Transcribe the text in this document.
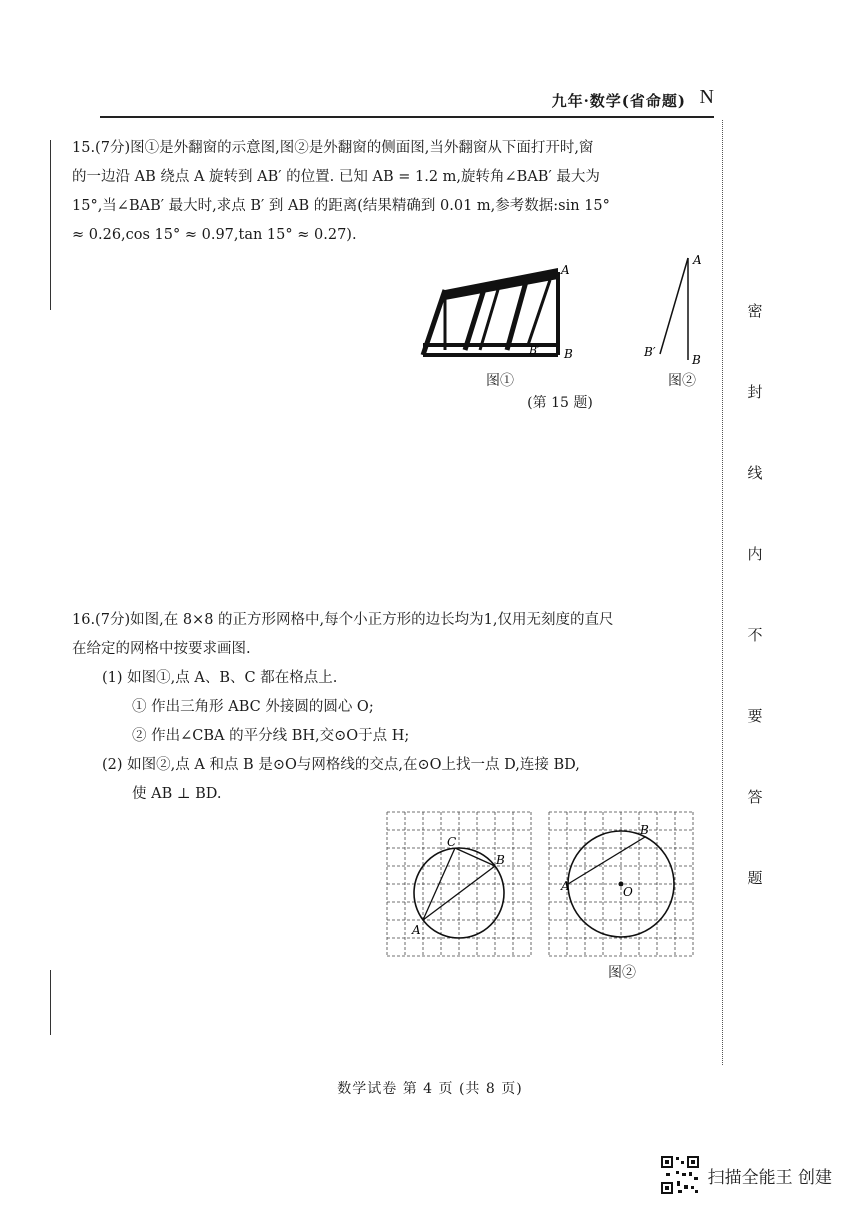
九年·数学(省命题) N
密
封
线
内
不
要
答
题

15.(7分)图①是外翻窗的示意图,图②是外翻窗的侧面图,当外翻窗从下面打开时,窗

的一边沿 AB 绕点 A 旋转到 AB′ 的位置. 已知 AB = 1.2 m,旋转角∠BAB′ 最大为

15°,当∠BAB′ 最大时,求点 B′ 到 AB 的距离(结果精确到 0.01 m,参考数据:sin 15°

≈ 0.26,cos 15° ≈ 0.97,tan 15° ≈ 0.27).

A
B′ B
图①
A
B′
B
图②
(第 15 题)

16.(7分)如图,在 8×8 的正方形网格中,每个小正方形的边长均为1,仅用无刻度的直尺

在给定的网格中按要求画图.

(1) 如图①,点 A、B、C 都在格点上.

① 作出三角形 ABC 外接圆的圆心 O;

② 作出∠CBA 的平分线 BH,交⊙O于点 H;

(2) 如图②,点 A 和点 B 是⊙O与网格线的交点,在⊙O上找一点 D,连接 BD,

使 AB ⊥ BD.

C
B
A
B
A	O
图②
数学试卷 第 4 页 (共 8 页)
扫描全能王 创建
